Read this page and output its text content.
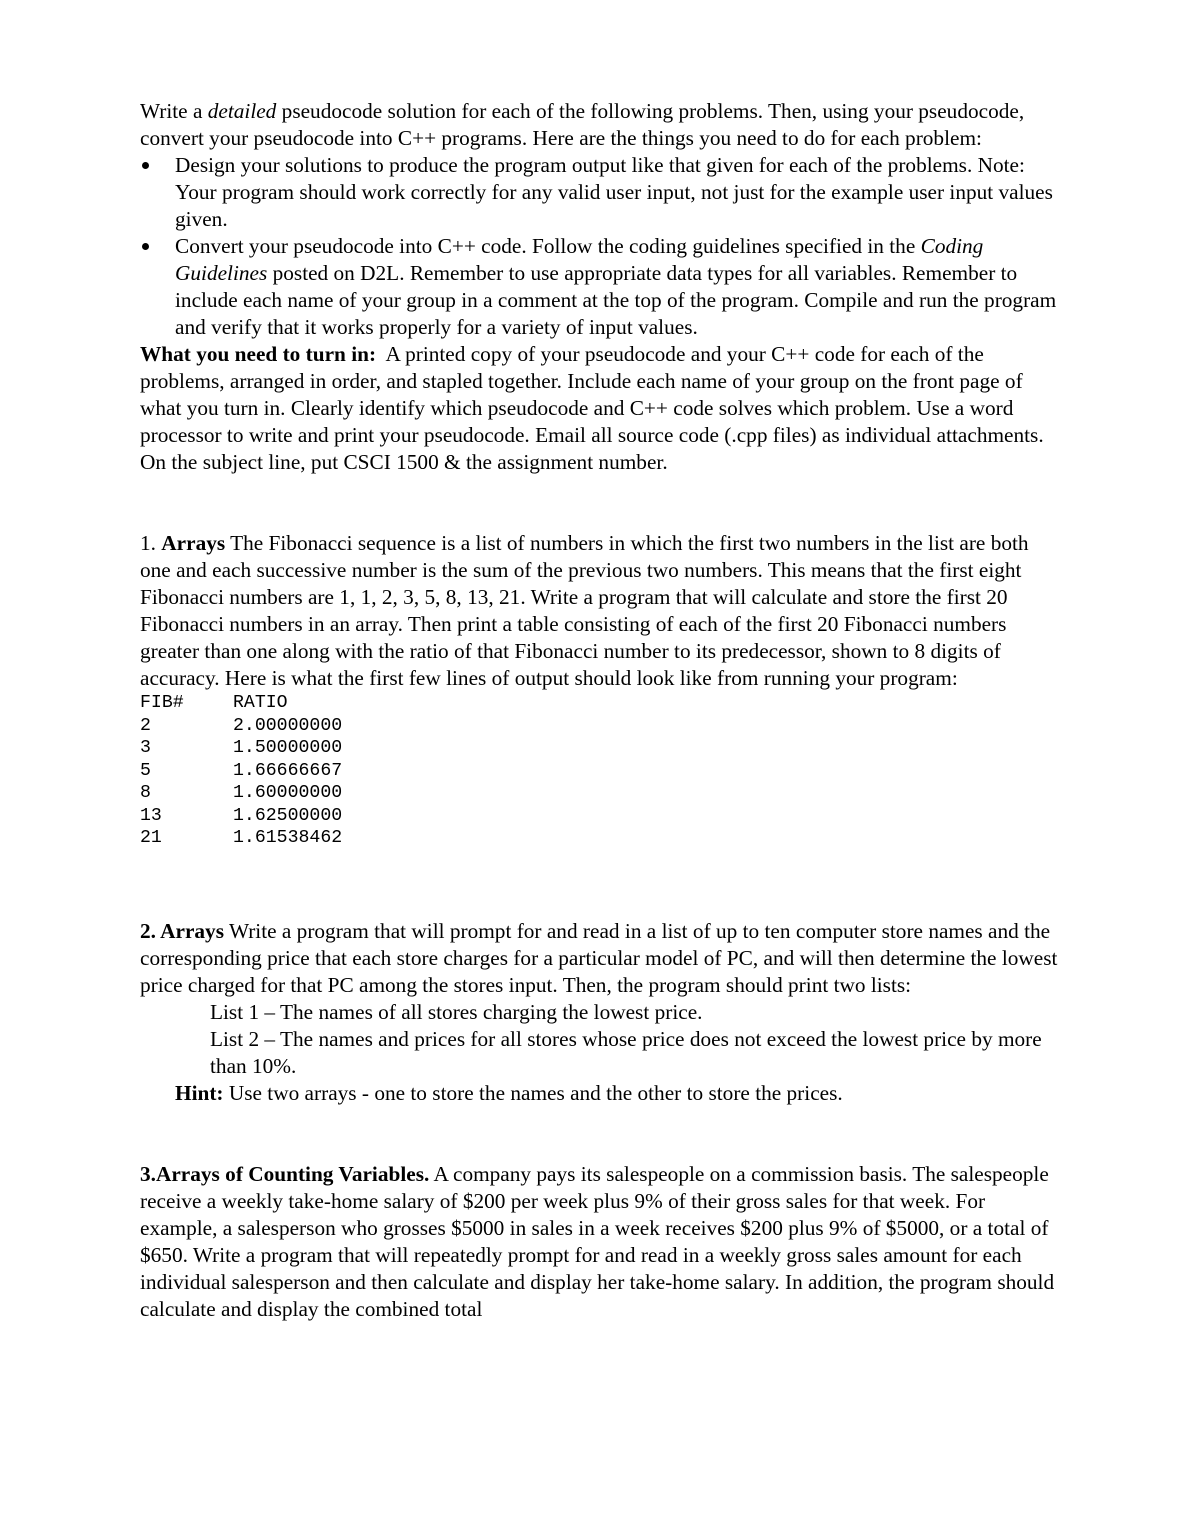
Write a detailed pseudocode solution for each of the following problems. Then, using your pseudocode, convert your pseudocode into C++ programs. Here are the things you need to do for each problem:

Design your solutions to produce the program output like that given for each of the problems. Note: Your program should work correctly for any valid user input, not just for the example user input values given.
Convert your pseudocode into C++ code. Follow the coding guidelines specified in the Coding Guidelines posted on D2L. Remember to use appropriate data types for all variables. Remember to include each name of your group in a comment at the top of the program. Compile and run the program and verify that it works properly for a variety of input values.

What you need to turn in:  A printed copy of your pseudocode and your C++ code for each of the problems, arranged in order, and stapled together. Include each name of your group on the front page of what you turn in. Clearly identify which pseudocode and C++ code solves which problem. Use a word processor to write and print your pseudocode. Email all source code (.cpp files) as individual attachments. On the subject line, put CSCI 1500 & the assignment number.

1. Arrays The Fibonacci sequence is a list of numbers in which the first two numbers in the list are both one and each successive number is the sum of the previous two numbers. This means that the first eight Fibonacci numbers are 1, 1, 2, 3, 5, 8, 13, 21. Write a program that will calculate and store the first 20 Fibonacci numbers in an array. Then print a table consisting of each of the first 20 Fibonacci numbers greater than one along with the ratio of that Fibonacci number to its predecessor, shown to 8 digits of accuracy. Here is what the first few lines of output should look like from running your program:

FIB#	RATIO
2	2.00000000
3	1.50000000
5	1.66666667
8	1.60000000
13	1.62500000
21	1.61538462

2. Arrays Write a program that will prompt for and read in a list of up to ten computer store names and the corresponding price that each store charges for a particular model of PC, and will then determine the lowest price charged for that PC among the stores input. Then, the program should print two lists:

List 1 – The names of all stores charging the lowest price.

List 2 – The names and prices for all stores whose price does not exceed the lowest price by more than 10%.

Hint: Use two arrays - one to store the names and the other to store the prices.

3.Arrays of Counting Variables. A company pays its salespeople on a commission basis. The salespeople receive a weekly take-home salary of $200 per week plus 9% of their gross sales for that week. For example, a salesperson who grosses $5000 in sales in a week receives $200 plus 9% of $5000, or a total of $650. Write a program that will repeatedly prompt for and read in a weekly gross sales amount for each individual salesperson and then calculate and display her take-home salary. In addition, the program should calculate and display the combined total
